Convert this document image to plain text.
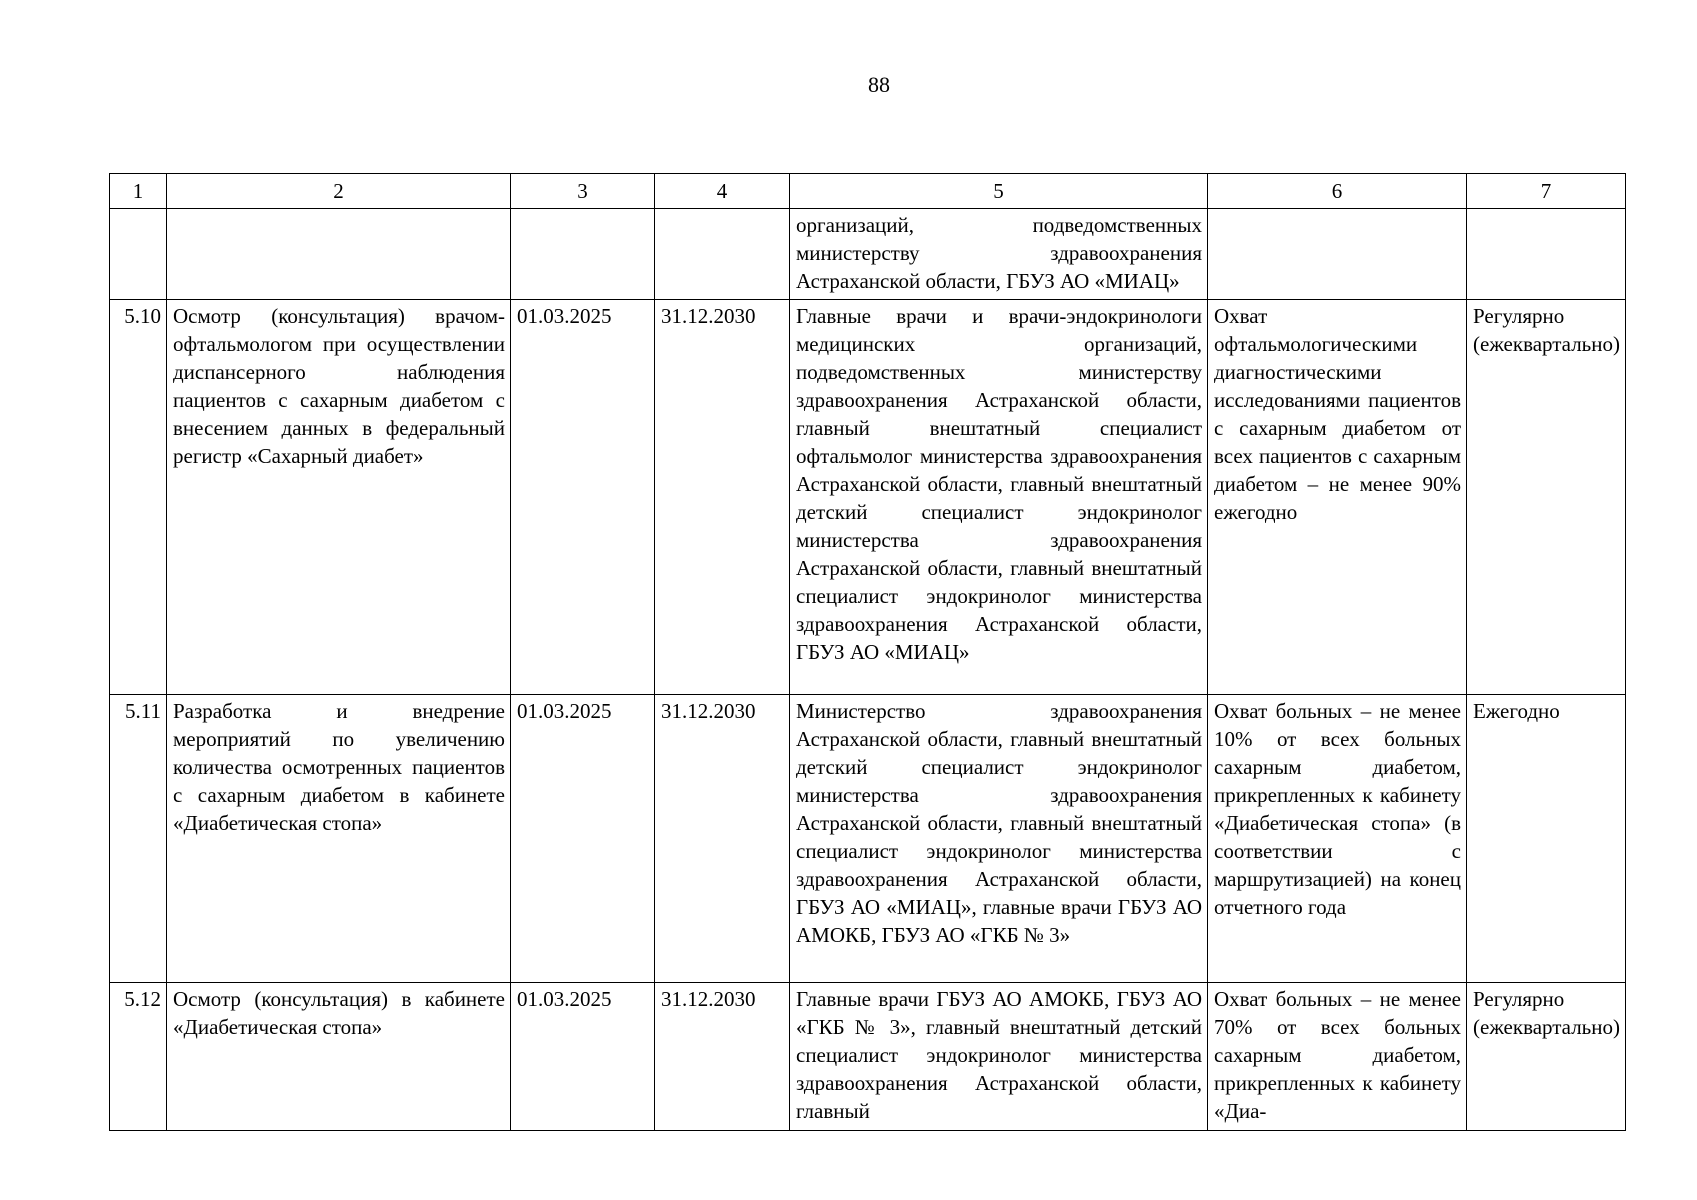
88
1	2	3	4	5	6	7
				организаций, подведомственных министерству здравоохранения Астраханской области, ГБУЗ АО «МИАЦ»		
5.10	Осмотр (консультация) врачом-офтальмологом при осуществлении диспансерного наблюдения пациентов с сахарным диабетом с внесением данных в федеральный регистр «Сахарный диабет»	01.03.2025	31.12.2030	Главные врачи и врачи-эндокринологи медицинских организаций, подведомственных министерству здравоохранения Астраханской области, главный внештатный специалист офтальмолог министерства здравоохранения Астраханской области, главный внештатный детский специалист эндокринолог министерства здравоохранения Астраханской области, главный внештатный специалист эндокринолог министерства здравоохранения Астраханской области, ГБУЗ АО «МИАЦ»	Охват офтальмологическими диагностическими исследованиями пациентов с сахарным диабетом от всех пациентов с сахарным диабетом – не менее 90% ежегодно	Регулярно (ежеквартально)
5.11	Разработка и внедрение мероприятий по увеличению количества осмотренных пациентов с сахарным диабетом в кабинете «Диабетическая стопа»	01.03.2025	31.12.2030	Министерство здравоохранения Астраханской области, главный внештатный детский специалист эндокринолог министерства здравоохранения Астраханской области, главный внештатный специалист эндокринолог министерства здравоохранения Астраханской области, ГБУЗ АО «МИАЦ», главные врачи ГБУЗ АО АМОКБ, ГБУЗ АО «ГКБ № 3»	Охват больных – не менее 10% от всех больных сахарным диабетом, прикрепленных к кабинету «Диабетическая стопа» (в соответствии с маршрутизацией) на конец отчетного года	Ежегодно
5.12	Осмотр (консультация) в кабинете «Диабетическая стопа»	01.03.2025	31.12.2030	Главные врачи ГБУЗ АО АМОКБ, ГБУЗ АО «ГКБ № 3», главный внештатный детский специалист эндокринолог министерства здравоохранения Астраханской области, главный	Охват больных – не менее 70% от всех больных сахарным диабетом, прикрепленных к кабинету «Диа-	Регулярно (ежеквартально)
